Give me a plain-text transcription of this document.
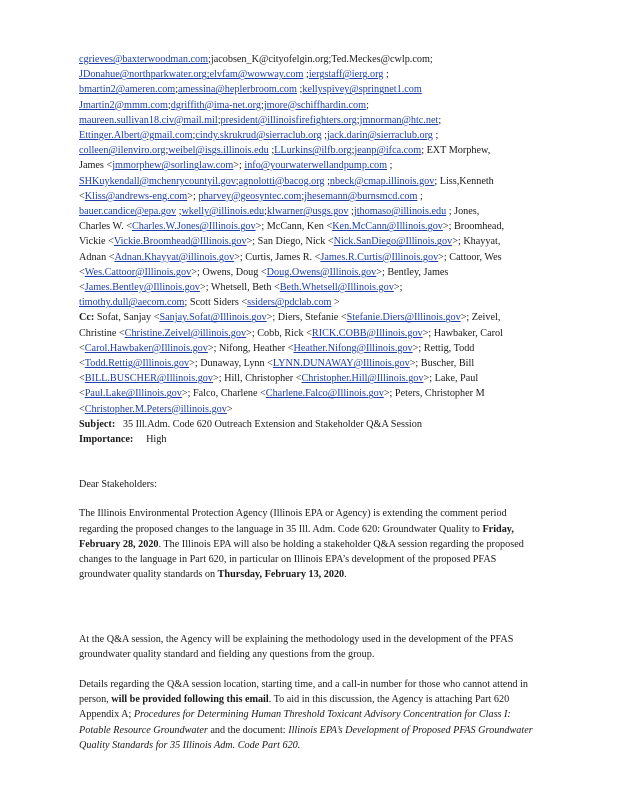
cgrieves@baxterwoodman.com;jacobsen_K@cityofelgin.org;Ted.Meckes@cwlp.com;
JDonahue@northparkwater.org;elvfam@wowway.com ;iergstaff@ierg.org ;
bmartin2@ameren.com;amessina@heplerbroom.com ;kellyspivey@springnet1.com
Jmartin2@mmm.com;dgriffith@ima-net.org;jmore@schiffhardin.com;
maureen.sullivan18.civ@mail.mil;president@illinoisfirefighters.org;jmnorman@htc.net;
Ettinger.Albert@gmail.com;cindy.skrukrud@sierraclub.org ;jack.darin@sierraclub.org ;
colleen@ilenviro.org;weibel@isgs.illinois.edu ;LLurkins@ilfb.org;jeanp@ifca.com; EXT Morphew,
James <jmmorphew@sorlinglaw.com>; info@yourwaterwellandpump.com ;
SHKuykendall@mchenrycountyil.gov;agnolotti@bacog.org ;nbeck@cmap.illinois.gov; Liss,Kenneth
<Kliss@andrews-eng.com>; pharvey@geosyntec.com;jhesemann@burnsmcd.com ;
bauer.candice@epa.gov ;wkelly@illinois.edu;klwarner@usgs.gov ;jthomaso@illinois.edu ; Jones,
Charles W. <Charles.W.Jones@Illinois.gov>; McCann, Ken <Ken.McCann@Illinois.gov>; Broomhead,
Vickie <Vickie.Broomhead@Illinois.gov>; San Diego, Nick <Nick.SanDiego@Illinois.gov>; Khayyat,
Adnan <Adnan.Khayyat@illinois.gov>; Curtis, James R. <James.R.Curtis@Illinois.gov>; Cattoor, Wes
<Wes.Cattoor@Illinois.gov>; Owens, Doug <Doug.Owens@Illinois.gov>; Bentley, James
<James.Bentley@Illinois.gov>; Whetsell, Beth <Beth.Whetsell@Illinois.gov>;
timothy.dull@aecom.com; Scott Siders <ssiders@pdclab.com >
Cc: Sofat, Sanjay <Sanjay.Sofat@Illinois.gov>; Diers, Stefanie <Stefanie.Diers@Illinois.gov>; Zeivel,
Christine <Christine.Zeivel@illinois.gov>; Cobb, Rick <RICK.COBB@Illinois.gov>; Hawbaker, Carol
<Carol.Hawbaker@Illinois.gov>; Nifong, Heather <Heather.Nifong@Illinois.gov>; Rettig, Todd
<Todd.Rettig@Illinois.gov>; Dunaway, Lynn <LYNN.DUNAWAY@Illinois.gov>; Buscher, Bill
<BILL.BUSCHER@Illinois.gov>; Hill, Christopher <Christopher.Hill@Illinois.gov>; Lake, Paul
<Paul.Lake@Illinois.gov>; Falco, Charlene <Charlene.Falco@Illinois.gov>; Peters, Christopher M
<Christopher.M.Peters@illinois.gov>
Subject: 35 Ill.Adm. Code 620 Outreach Extension and Stakeholder Q&A Session
Importance: High
Dear Stakeholders:

The Illinois Environmental Protection Agency (Illinois EPA or Agency) is extending the comment period regarding the proposed changes to the language in 35 Ill. Adm. Code 620: Groundwater Quality to Friday, February 28, 2020. The Illinois EPA will also be holding a stakeholder Q&A session regarding the proposed changes to the language in Part 620, in particular on Illinois EPA’s development of the proposed PFAS groundwater quality standards on Thursday, February 13, 2020.

At the Q&A session, the Agency will be explaining the methodology used in the development of the PFAS groundwater quality standard and fielding any questions from the group.

Details regarding the Q&A session location, starting time, and a call-in number for those who cannot attend in person, will be provided following this email. To aid in this discussion, the Agency is attaching Part 620 Appendix A; Procedures for Determining Human Threshold Toxicant Advisory Concentration for Class I: Potable Resource Groundwater and the document: Illinois EPA’s Development of Proposed PFAS Groundwater Quality Standards for 35 Illinois Adm. Code Part 620.
